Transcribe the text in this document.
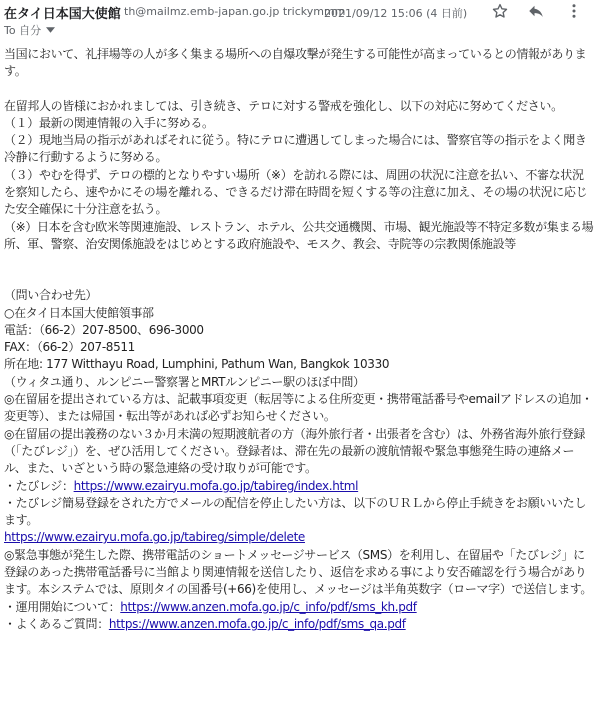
在タイ日本国大使館 th@mailmz.emb-japan.go.jp trickymmm
2021/09/12 15:06 (4 日前)
To 自分

当国において、礼拝場等の人が多く集まる場所への自爆攻撃が発生する可能性が高まっているとの情報があります。

在留邦人の皆様におかれましては、引き続き、テロに対する警戒を強化し、以下の対応に努めてください。

（１）最新の関連情報の入手に努める。

（２）現地当局の指示があればそれに従う。特にテロに遭遇してしまった場合には、警察官等の指示をよく聞き冷静に行動するように努める。

（３）やむを得ず、テロの標的となりやすい場所（※）を訪れる際には、周囲の状況に注意を払い、不審な状況を察知したら、速やかにその場を離れる、できるだけ滞在時間を短くする等の注意に加え、その場の状況に応じた安全確保に十分注意を払う。

（※）日本を含む欧米等関連施設、レストラン、ホテル、公共交通機関、市場、観光施設等不特定多数が集まる場所、軍、警察、治安関係施設をはじめとする政府施設や、モスク、教会、寺院等の宗教関係施設等

（問い合わせ先）

○在タイ日本国大使館領事部

電話：（66-2）207-8500、696-3000

FAX：（66-2）207-8511

所在地: 177 Witthayu Road, Lumphini, Pathum Wan, Bangkok 10330

（ウィタユ通り、ルンピニー警察署とMRTルンピニー駅のほぼ中間）

◎在留届を提出されている方は、記載事項変更（転居等による住所変更・携帯電話番号やemailアドレスの追加・変更等）、または帰国・転出等があれば必ずお知らせください。

◎在留届の提出義務のない３か月未満の短期渡航者の方（海外旅行者・出張者を含む）は、外務省海外旅行登録（「たびレジ」）を、ぜひ活用してください。登録者は、滞在先の最新の渡航情報や緊急事態発生時の連絡メール、また、いざという時の緊急連絡の受け取りが可能です。

・たびレジ：https://www.ezairyu.mofa.go.jp/tabireg/index.html

・たびレジ簡易登録をされた方でメールの配信を停止したい方は、以下のＵＲＬから停止手続きをお願いいたします。

https://www.ezairyu.mofa.go.jp/tabireg/simple/delete

◎緊急事態が発生した際、携帯電話のショートメッセージサービス（SMS）を利用し、在留届や「たびレジ」に登録のあった携帯電話番号に当館より関連情報を送信したり、返信を求める事により安否確認を行う場合があります。本システムでは、原則タイの国番号(+66)を使用し、メッセージは半角英数字（ローマ字）で送信します。

・運用開始について：https://www.anzen.mofa.go.jp/c_info/pdf/sms_kh.pdf

・よくあるご質問：https://www.anzen.mofa.go.jp/c_info/pdf/sms_qa.pdf
